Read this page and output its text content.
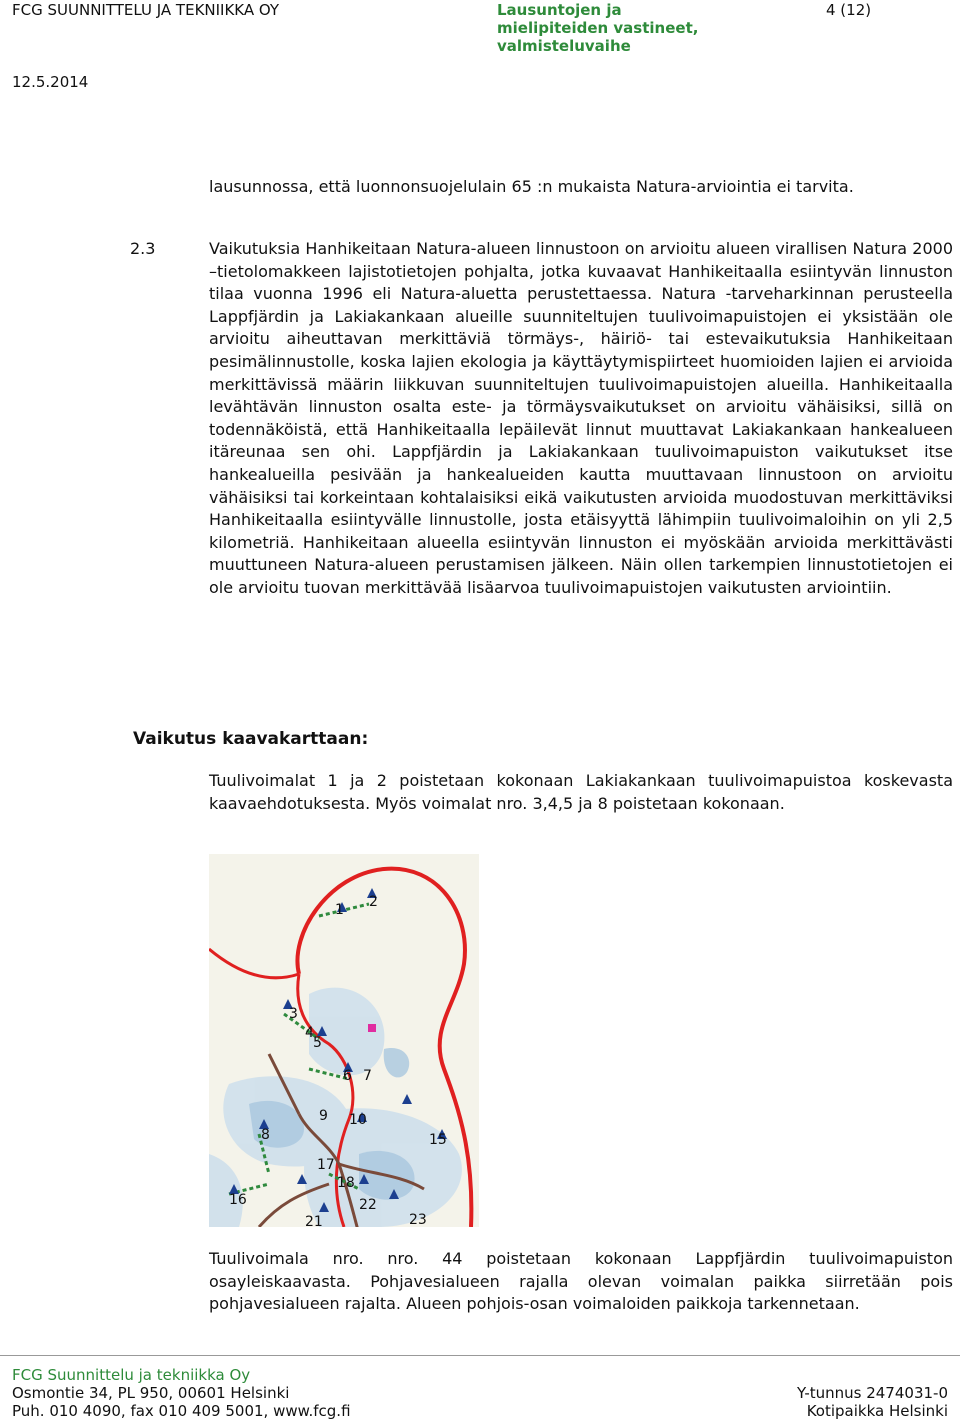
FCG SUUNNITTELU JA TEKNIIKKA OY	Lausuntojen ja
mielipiteiden vastineet,
valmisteluvaihe
4 (12)
12.5.2014
lausunnossa, että luonnonsuojelulain 65 :n mukaista Natura-arviointia ei tarvita.
2.3	Vaikutuksia Hanhikeitaan Natura-alueen linnustoon on arvioitu alueen virallisen Natura 2000 –tietolomakkeen lajistotietojen pohjalta, jotka kuvaavat Hanhikeitaalla esiintyvän linnuston tilaa vuonna 1996 eli Natura-aluetta perustettaessa. Natura -tarveharkinnan perusteella Lappfjärdin ja Lakiakankaan alueille suunniteltujen tuulivoimapuistojen ei yksistään ole arvioitu aiheuttavan merkittäviä törmäys-, häiriö- tai estevaikutuksia Hanhikeitaan pesimälinnustolle, koska lajien ekologia ja käyttäytymispiirteet huomioiden lajien ei arvioida merkittävissä määrin liikkuvan suunniteltujen tuulivoimapuistojen alueilla. Hanhikeitaalla levähtävän linnuston osalta este- ja törmäysvaikutukset on arvioitu vähäisiksi, sillä on todennäköistä, että Hanhikeitaalla lepäilevät linnut muuttavat Lakiakankaan hankealueen itäreunaa sen ohi. Lappfjärdin ja Lakiakankaan tuulivoimapuiston vaikutukset itse hankealueilla pesivään ja hankealueiden kautta muuttavaan linnustoon on arvioitu vähäisiksi tai korkeintaan kohtalaisiksi eikä vaikutusten arvioida muodostuvan merkittäviksi Hanhikeitaalla esiintyvälle linnustolle, josta etäisyyttä lähimpiin tuulivoimaloihin on yli 2,5 kilometriä. Hanhikeitaan alueella esiintyvän linnuston ei myöskään arvioida merkittävästi muuttuneen Natura-alueen perustamisen jälkeen. Näin ollen tarkempien linnustotietojen ei ole arvioitu tuovan merkittävää lisäarvoa tuulivoimapuistojen vaikutusten arviointiin.
Vaikutus kaavakarttaan:
Tuulivoimalat 1 ja 2 poistetaan kokonaan Lakiakankaan tuulivoimapuistoa koskevasta kaavaehdotuksesta. Myös voimalat nro. 3,4,5 ja 8 poistetaan kokonaan.
1 2
3
4
5
6 7
8
9 10
15
16
17
18
21
22
23
Tuulivoimala nro. nro. 44 poistetaan kokonaan Lappfjärdin tuulivoimapuiston osayleiskaavasta. Pohjavesialueen rajalla olevan voimalan paikka siirretään pois pohjavesialueen rajalta. Alueen pohjois-osan voimaloiden paikkoja tarkennetaan.
FCG Suunnittelu ja tekniikka Oy
Osmontie 34, PL 950, 00601 Helsinki	Y-tunnus 2474031-0
Puh. 010 4090, fax 010 409 5001, www.fcg.fi	Kotipaikka Helsinki
